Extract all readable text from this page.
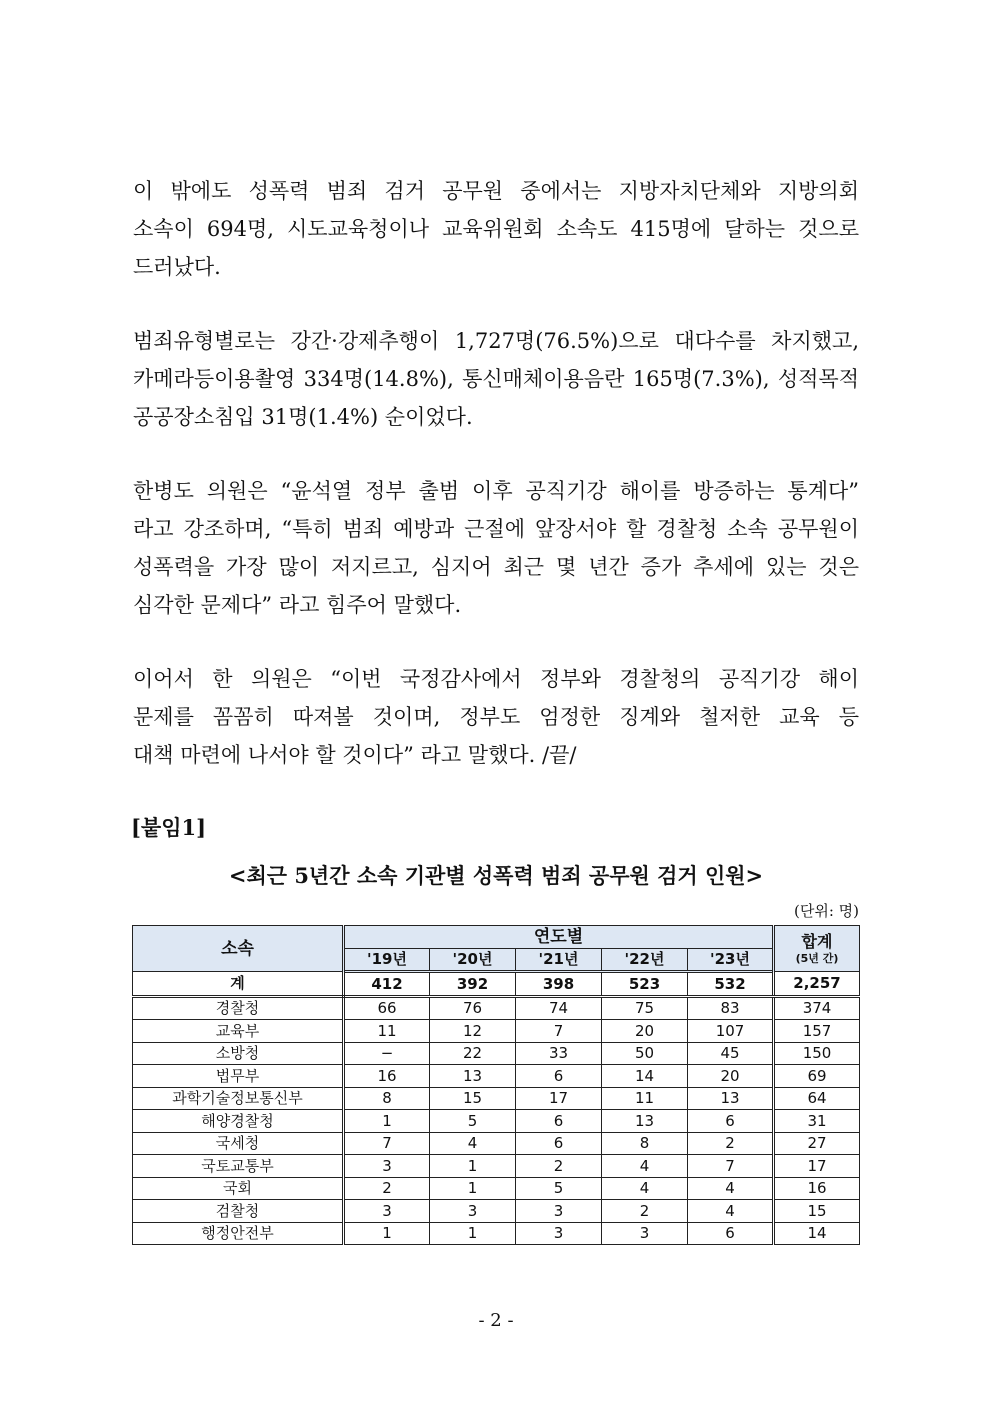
이 밖에도 성폭력 범죄 검거 공무원 중에서는 지방자치단체와 지방의회
소속이 694명, 시도교육청이나 교육위원회 소속도 415명에 달하는 것으로
드러났다.
범죄유형별로는 강간·강제추행이 1,727명(76.5%)으로 대다수를 차지했고,
카메라등이용촬영 334명(14.8%), 통신매체이용음란 165명(7.3%), 성적목적
공공장소침입 31명(1.4%) 순이었다.
한병도 의원은 “윤석열 정부 출범 이후 공직기강 해이를 방증하는 통계다”
라고 강조하며, “특히 범죄 예방과 근절에 앞장서야 할 경찰청 소속 공무원이
성폭력을 가장 많이 저지르고, 심지어 최근 몇 년간 증가 추세에 있는 것은
심각한 문제다” 라고 힘주어 말했다.
이어서 한 의원은 “이번 국정감사에서 정부와 경찰청의 공직기강 해이
문제를 꼼꼼히 따져볼 것이며, 정부도 엄정한 징계와 철저한 교육 등
대책 마련에 나서야 할 것이다” 라고 말했다. /끝/
[붙임1]
<최근 5년간 소속 기관별 성폭력 범죄 공무원 검거 인원>
(단위: 명)
소속	연도별					합계
(5년 간)

	'19년	'20년	'21년	'22년	'23년	
계	412	392	398	523	532	2,257
경찰청	66	76	74	75	83	374
교육부	11	12	7	20	107	157
소방청	−	22	33	50	45	150
법무부	16	13	6	14	20	69
과학기술정보통신부	8	15	17	11	13	64
해양경찰청	1	5	6	13	6	31
국세청	7	4	6	8	2	27
국토교통부	3	1	2	4	7	17
국회	2	1	5	4	4	16
검찰청	3	3	3	2	4	15
행정안전부	1	1	3	3	6	14
- 2 -
